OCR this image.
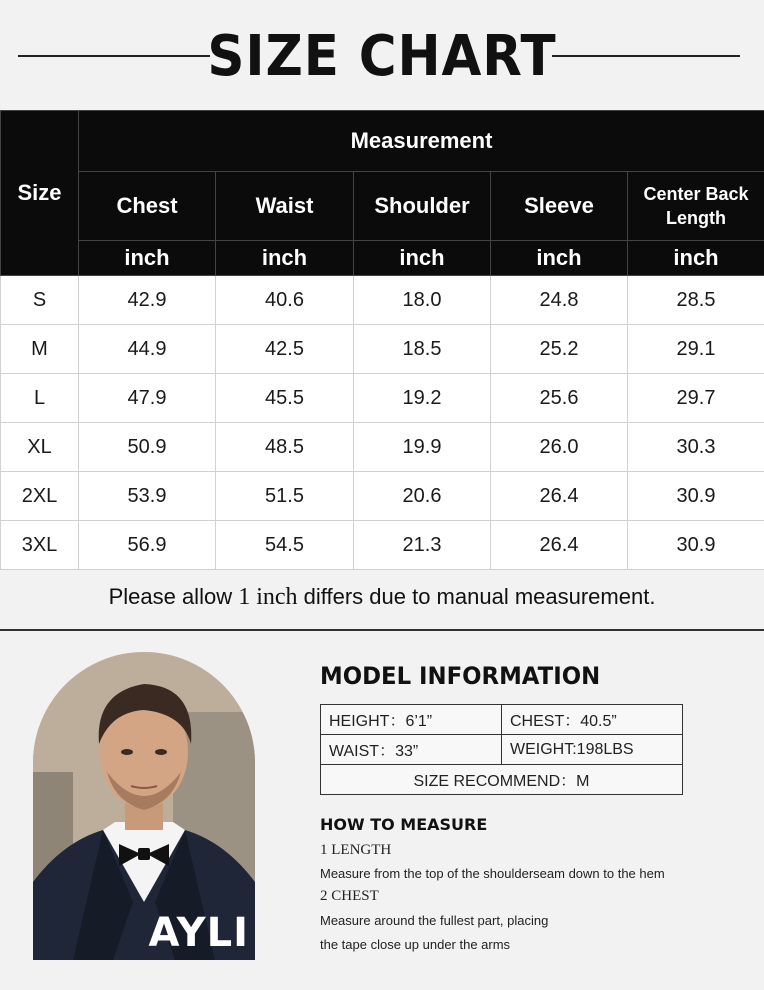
SIZE CHART
Size	Measurement				
	Chest	Waist	Shoulder	Sleeve	Center Back Length
	inch	inch	inch	inch	inch
S	42.9	40.6	18.0	24.8	28.5
M	44.9	42.5	18.5	25.2	29.1
L	47.9	45.5	19.2	25.6	29.7
XL	50.9	48.5	19.9	26.0	30.3
2XL	53.9	51.5	20.6	26.4	30.9
3XL	56.9	54.5	21.3	26.4	30.9
Please allow 1 inch differs due to manual measurement.
AYLI
MODEL INFORMATION
HEIGHT：6’1”	CHEST：40.5”
WAIST：33”	WEIGHT:198LBS
SIZE RECOMMEND：M	
HOW TO MEASURE
1 LENGTH
Measure from the top of the shoulderseam down to the hem
2 CHEST
Measure around the fullest part, placing
the tape close up under the arms
